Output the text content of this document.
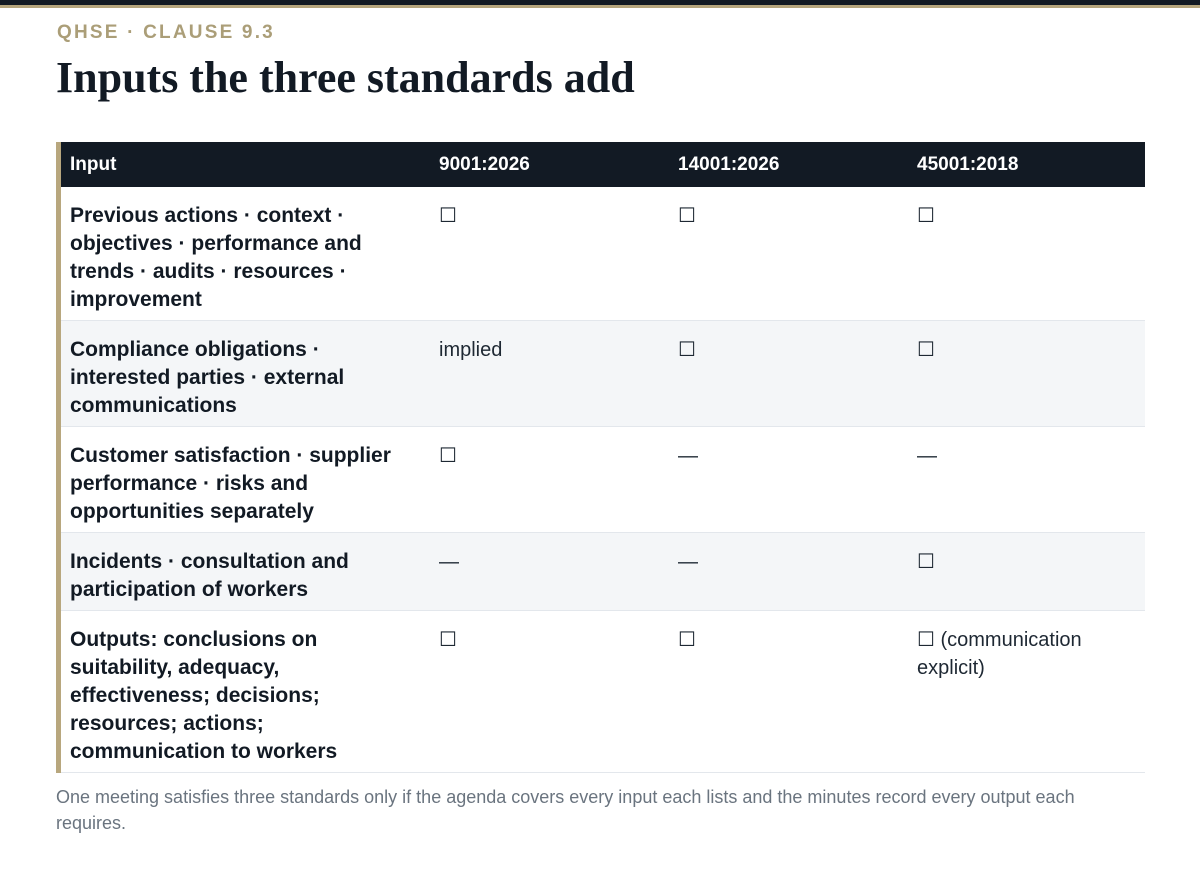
QHSE · CLAUSE 9.3
Inputs the three standards add
Input	9001:2026	14001:2026	45001:2018
Previous actions · context · objectives · performance and trends · audits · resources · improvement	☐	☐	☐
Compliance obligations · interested parties · external communications	implied	☐	☐
Customer satisfaction · supplier performance · risks and opportunities separately	☐	—	—
Incidents · consultation and participation of workers	—	—	☐
Outputs: conclusions on suitability, adequacy, effectiveness; decisions; resources; actions; communication to workers	☐	☐	☐ (communication explicit)

One meeting satisfies three standards only if the agenda covers every input each lists and the minutes record every output each requires.
